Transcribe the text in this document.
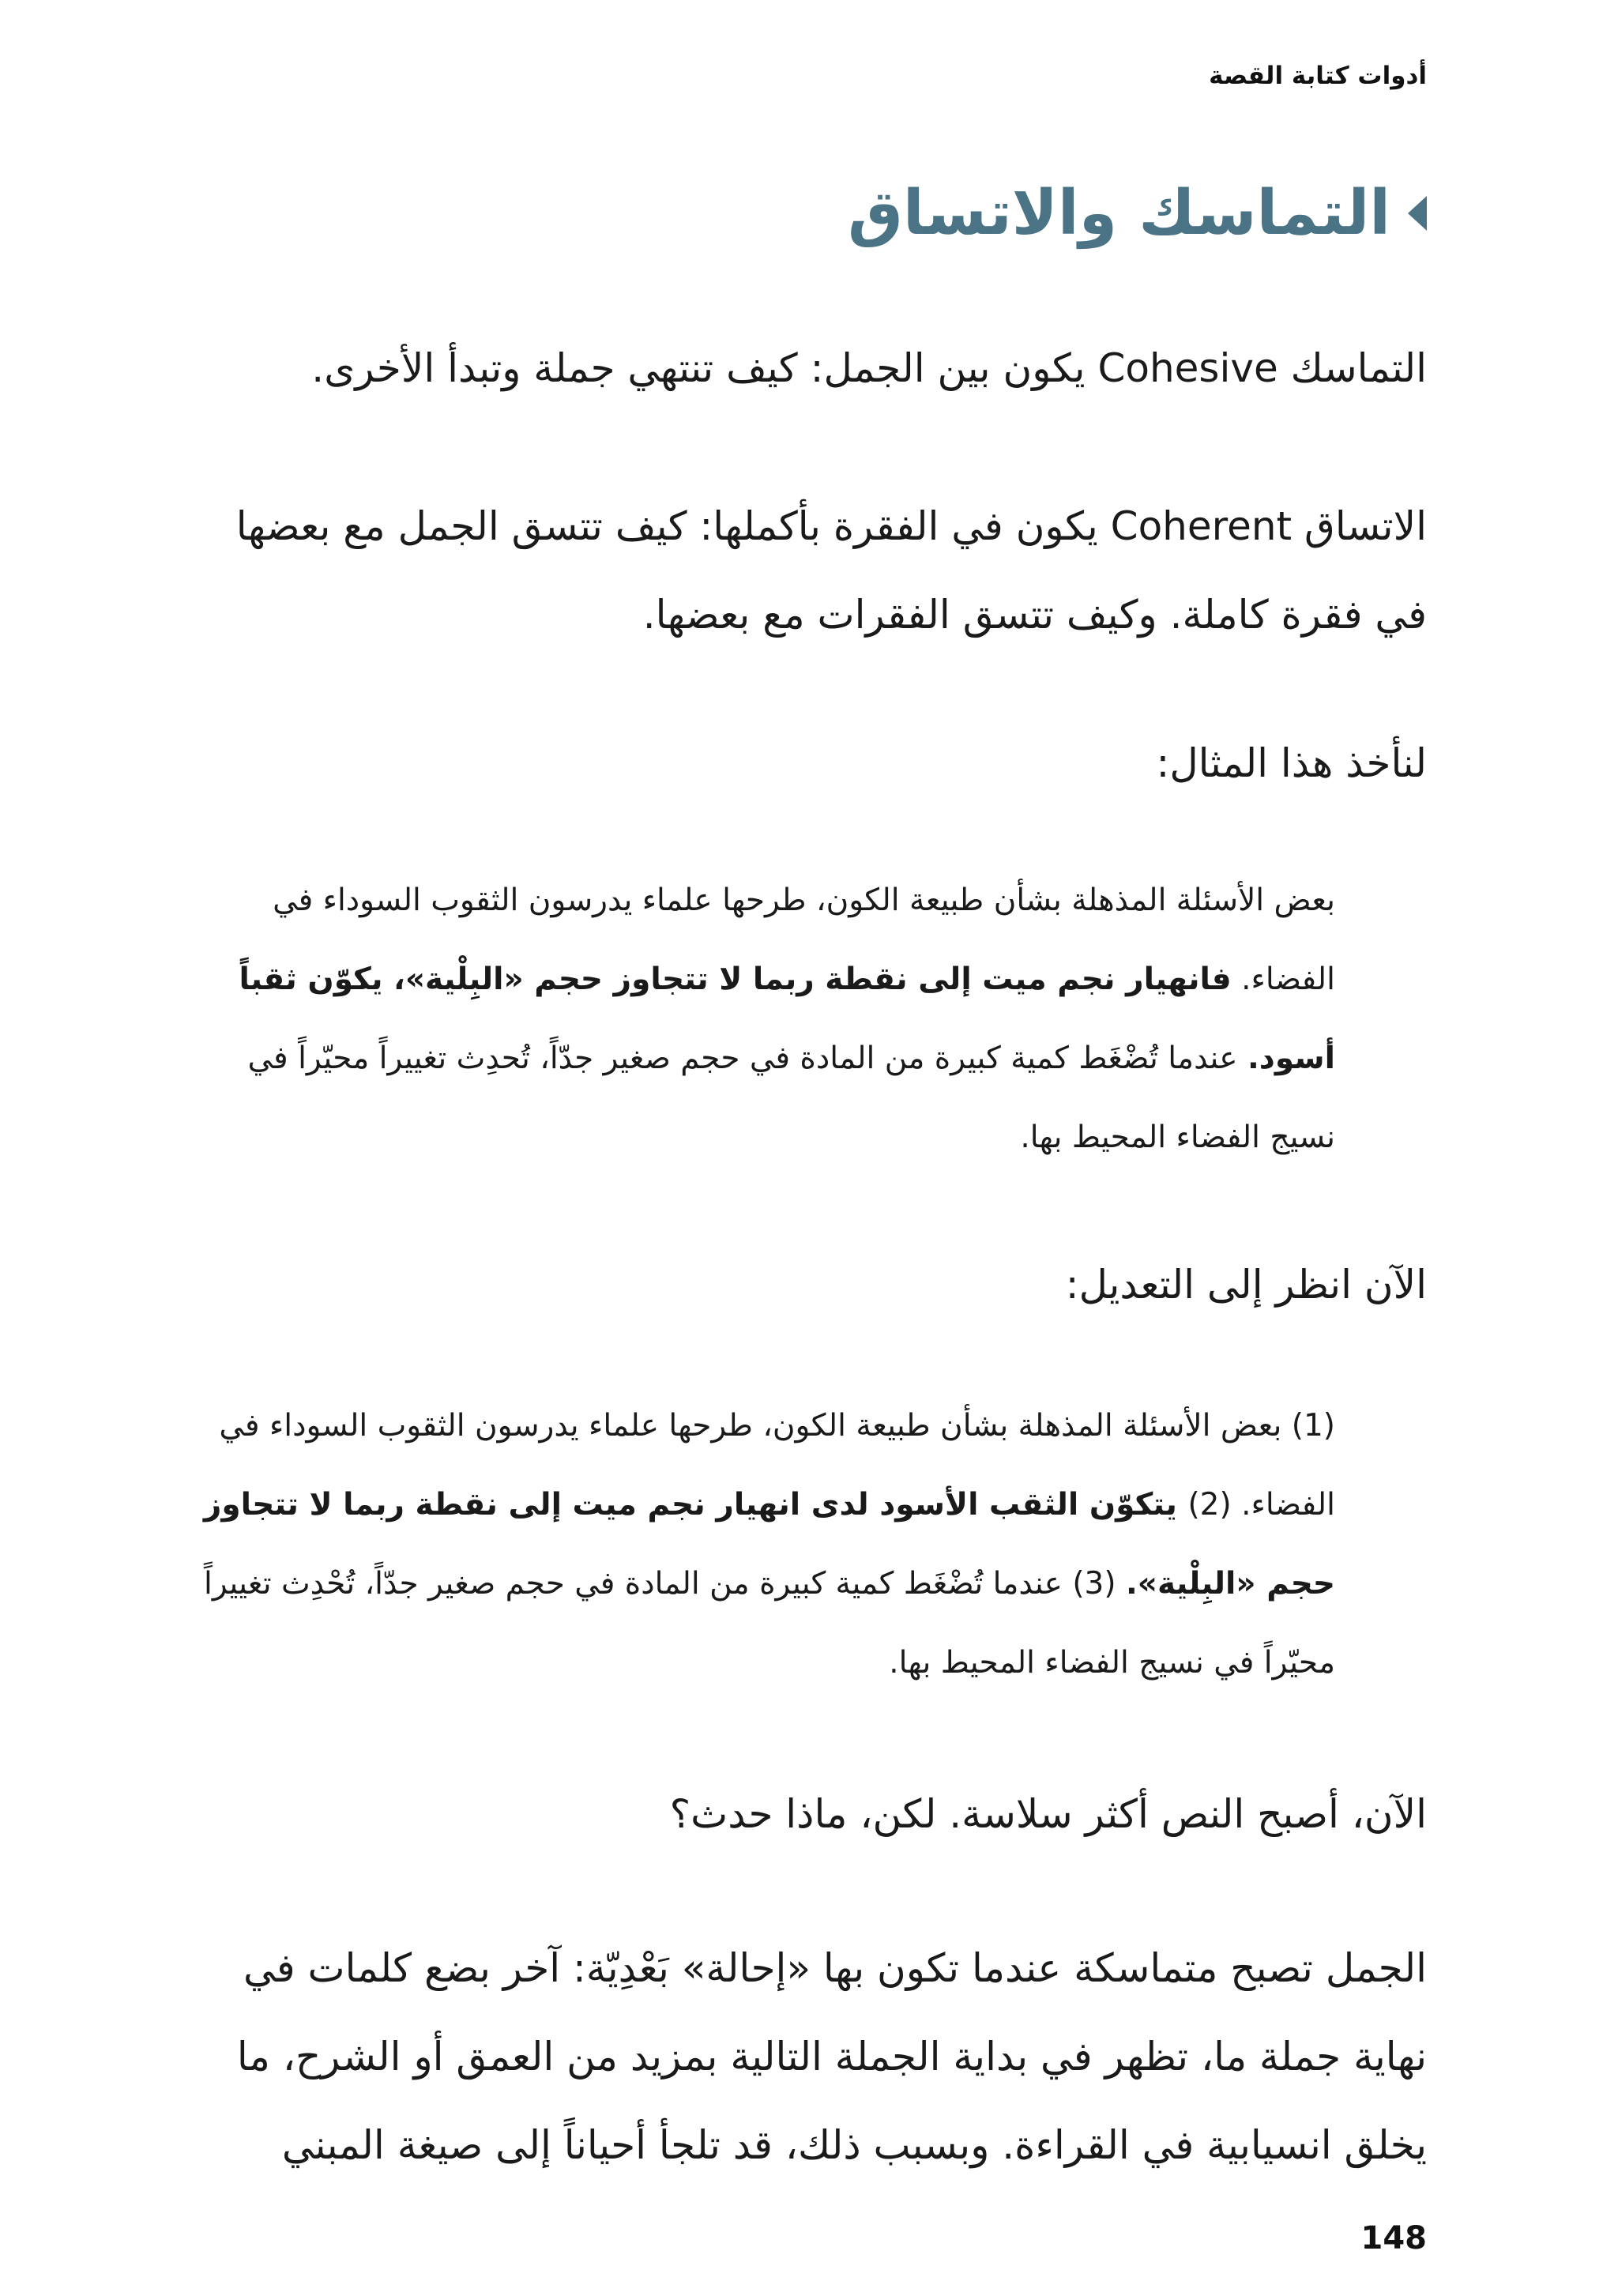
أدوات كتابة القصة
التماسك والاتساق

التماسك Cohesive يكون بين الجمل: كيف تنتهي جملة وتبدأ الأخرى.

الاتساق Coherent يكون في الفقرة بأكملها: كيف تتسق الجمل مع بعضها في فقرة كاملة. وكيف تتسق الفقرات مع بعضها.

لنأخذ هذا المثال:

بعض الأسئلة المذهلة بشأن طبيعة الكون، طرحها علماء يدرسون الثقوب السوداء في الفضاء. فانهيار نجم ميت إلى نقطة ربما لا تتجاوز حجم «البِلْية»، يكوّن ثقباً أسود. عندما تُضْغَط كمية كبيرة من المادة في حجم صغير جدّاً، تُحدِث تغييراً محيّراً في نسيج الفضاء المحيط بها.

الآن انظر إلى التعديل:

(1) بعض الأسئلة المذهلة بشأن طبيعة الكون، طرحها علماء يدرسون الثقوب السوداء في الفضاء. (2) يتكوّن الثقب الأسود لدى انهيار نجم ميت إلى نقطة ربما لا تتجاوز حجم «البِلْية». (3) عندما تُضْغَط كمية كبيرة من المادة في حجم صغير جدّاً، تُحْدِث تغييراً محيّراً في نسيج الفضاء المحيط بها.

الآن، أصبح النص أكثر سلاسة. لكن، ماذا حدث؟

الجمل تصبح متماسكة عندما تكون بها «إحالة» بَعْدِيّة: آخر بضع كلمات في نهاية جملة ما، تظهر في بداية الجملة التالية بمزيد من العمق أو الشرح، ما يخلق انسيابية في القراءة. وبسبب ذلك، قد تلجأ أحياناً إلى صيغة المبني

148
